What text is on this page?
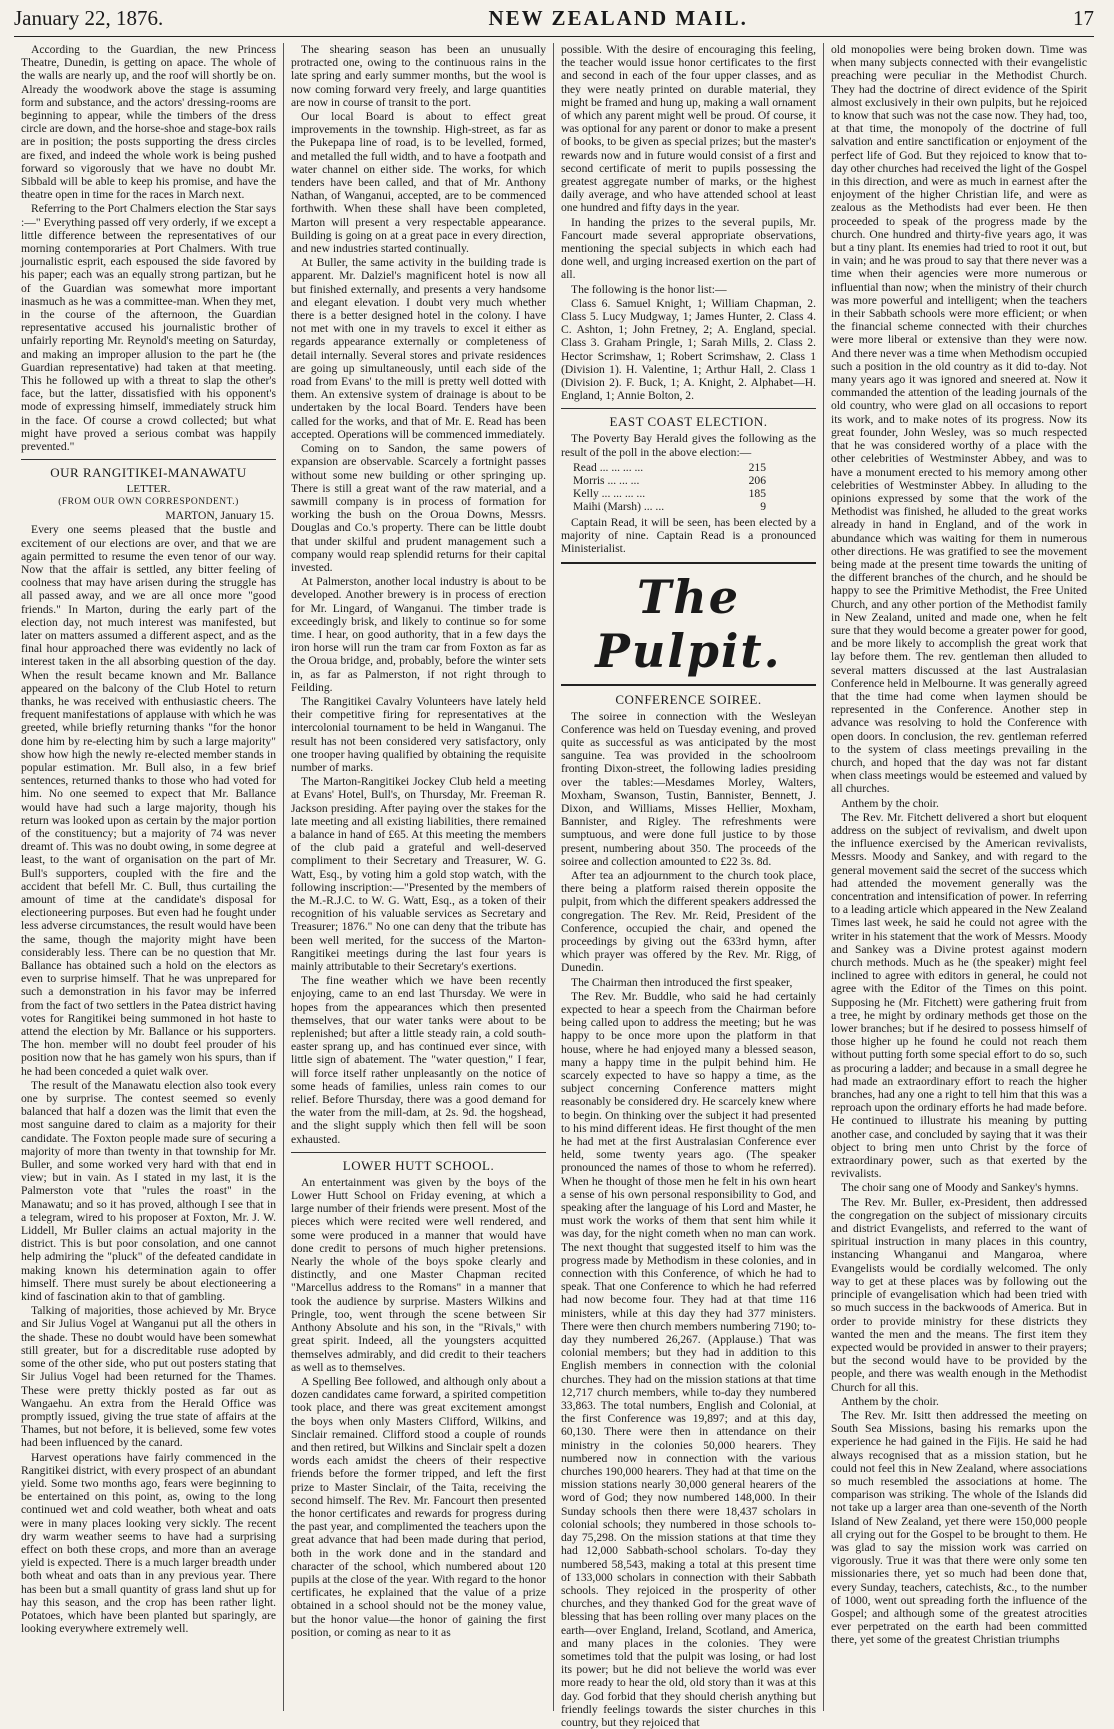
January 22, 1876.	NEW ZEALAND MAIL.	17

According to the Guardian, the new Princess Theatre, Dunedin, is getting on apace. The whole of the walls are nearly up, and the roof will shortly be on. Already the woodwork above the stage is assuming form and substance, and the actors' dressing-rooms are beginning to appear, while the timbers of the dress circle are down, and the horse-shoe and stage-box rails are in position; the posts supporting the dress circles are fixed, and indeed the whole work is being pushed forward so vigorously that we have no doubt Mr. Sibbald will be able to keep his promise, and have the theatre open in time for the races in March next.

Referring to the Port Chalmers election the Star says :—" Everything passed off very orderly, if we except a little difference between the representatives of our morning contemporaries at Port Chalmers. With true journalistic esprit, each espoused the side favored by his paper; each was an equally strong partizan, but he of the Guardian was somewhat more important inasmuch as he was a committee-man. When they met, in the course of the afternoon, the Guardian representative accused his journalistic brother of unfairly reporting Mr. Reynold's meeting on Saturday, and making an improper allusion to the part he (the Guardian representative) had taken at that meeting. This he followed up with a threat to slap the other's face, but the latter, dissatisfied with his opponent's mode of expressing himself, immediately struck him in the face. Of course a crowd collected; but what might have proved a serious combat was happily prevented."

OUR RANGITIKEI-MANAWATU
LETTER.
(FROM OUR OWN CORRESPONDENT.)
MARTON, January 15.

Every one seems pleased that the bustle and excitement of our elections are over, and that we are again permitted to resume the even tenor of our way. Now that the affair is settled, any bitter feeling of coolness that may have arisen during the struggle has all passed away, and we are all once more "good friends." In Marton, during the early part of the election day, not much interest was manifested, but later on matters assumed a different aspect, and as the final hour approached there was evidently no lack of interest taken in the all absorbing question of the day. When the result became known and Mr. Ballance appeared on the balcony of the Club Hotel to return thanks, he was received with enthusiastic cheers. The frequent manifestations of applause with which he was greeted, while briefly returning thanks "for the honor done him by re-electing him by such a large majority" show how high the newly re-elected member stands in popular estimation. Mr. Bull also, in a few brief sentences, returned thanks to those who had voted for him. No one seemed to expect that Mr. Ballance would have had such a large majority, though his return was looked upon as certain by the major portion of the constituency; but a majority of 74 was never dreamt of. This was no doubt owing, in some degree at least, to the want of organisation on the part of Mr. Bull's supporters, coupled with the fire and the accident that befell Mr. C. Bull, thus curtailing the amount of time at the candidate's disposal for electioneering purposes. But even had he fought under less adverse circumstances, the result would have been the same, though the majority might have been considerably less. There can be no question that Mr. Ballance has obtained such a hold on the electors as even to surprise himself. That he was unprepared for such a demonstration in his favor may be inferred from the fact of two settlers in the Patea district having votes for Rangitikei being summoned in hot haste to attend the election by Mr. Ballance or his supporters. The hon. member will no doubt feel prouder of his position now that he has gamely won his spurs, than if he had been conceded a quiet walk over.

The result of the Manawatu election also took every one by surprise. The contest seemed so evenly balanced that half a dozen was the limit that even the most sanguine dared to claim as a majority for their candidate. The Foxton people made sure of securing a majority of more than twenty in that township for Mr. Buller, and some worked very hard with that end in view; but in vain. As I stated in my last, it is the Palmerston vote that "rules the roast" in the Manawatu; and so it has proved, although I see that in a telegram, wired to his proposer at Foxton, Mr. J. W. Liddell, Mr Buller claims an actual majority in the district. This is but poor consolation, and one cannot help admiring the "pluck" of the defeated candidate in making known his determination again to offer himself. There must surely be about electioneering a kind of fascination akin to that of gambling.

Talking of majorities, those achieved by Mr. Bryce and Sir Julius Vogel at Wanganui put all the others in the shade. These no doubt would have been somewhat still greater, but for a discreditable ruse adopted by some of the other side, who put out posters stating that Sir Julius Vogel had been returned for the Thames. These were pretty thickly posted as far out as Wangaehu. An extra from the Herald Office was promptly issued, giving the true state of affairs at the Thames, but not before, it is believed, some few votes had been influenced by the canard.

Harvest operations have fairly commenced in the Rangitikei district, with every prospect of an abundant yield. Some two months ago, fears were beginning to be entertained on this point, as, owing to the long continued wet and cold weather, both wheat and oats were in many places looking very sickly. The recent dry warm weather seems to have had a surprising effect on both these crops, and more than an average yield is expected. There is a much larger breadth under both wheat and oats than in any previous year. There has been but a small quantity of grass land shut up for hay this season, and the crop has been rather light. Potatoes, which have been planted but sparingly, are looking everywhere extremely well.

The shearing season has been an unusually protracted one, owing to the continuous rains in the late spring and early summer months, but the wool is now coming forward very freely, and large quantities are now in course of transit to the port.

Our local Board is about to effect great improvements in the township. High-street, as far as the Pukepapa line of road, is to be levelled, formed, and metalled the full width, and to have a footpath and water channel on either side. The works, for which tenders have been called, and that of Mr. Anthony Nathan, of Wanganui, accepted, are to be commenced forthwith. When these shall have been completed, Marton will present a very respectable appearance. Building is going on at a great pace in every direction, and new industries started continually.

At Buller, the same activity in the building trade is apparent. Mr. Dalziel's magnificent hotel is now all but finished externally, and presents a very handsome and elegant elevation. I doubt very much whether there is a better designed hotel in the colony. I have not met with one in my travels to excel it either as regards appearance externally or completeness of detail internally. Several stores and private residences are going up simultaneously, until each side of the road from Evans' to the mill is pretty well dotted with them. An extensive system of drainage is about to be undertaken by the local Board. Tenders have been called for the works, and that of Mr. E. Read has been accepted. Operations will be commenced immediately.

Coming on to Sandon, the same powers of expansion are observable. Scarcely a fortnight passes without some new building or other springing up. There is still a great want of the raw material, and a sawmill company is in process of formation for working the bush on the Oroua Downs, Messrs. Douglas and Co.'s property. There can be little doubt that under skilful and prudent management such a company would reap splendid returns for their capital invested.

At Palmerston, another local industry is about to be developed. Another brewery is in process of erection for Mr. Lingard, of Wanganui. The timber trade is exceedingly brisk, and likely to continue so for some time. I hear, on good authority, that in a few days the iron horse will run the tram car from Foxton as far as the Oroua bridge, and, probably, before the winter sets in, as far as Palmerston, if not right through to Feilding.

The Rangitikei Cavalry Volunteers have lately held their competitive firing for representatives at the intercolonial tournament to be held in Wanganui. The result has not been considered very satisfactory, only one trooper having qualified by obtaining the requisite number of marks.

The Marton-Rangitikei Jockey Club held a meeting at Evans' Hotel, Bull's, on Thursday, Mr. Freeman R. Jackson presiding. After paying over the stakes for the late meeting and all existing liabilities, there remained a balance in hand of £65. At this meeting the members of the club paid a grateful and well-deserved compliment to their Secretary and Treasurer, W. G. Watt, Esq., by voting him a gold stop watch, with the following inscription:—"Presented by the members of the M.-R.J.C. to W. G. Watt, Esq., as a token of their recognition of his valuable services as Secretary and Treasurer; 1876." No one can deny that the tribute has been well merited, for the success of the Marton-Rangitikei meetings during the last four years is mainly attributable to their Secretary's exertions.

The fine weather which we have been recently enjoying, came to an end last Thursday. We were in hopes from the appearances which then presented themselves, that our water tanks were about to be replenished; but after a little steady rain, a cold south-easter sprang up, and has continued ever since, with little sign of abatement. The "water question," I fear, will force itself rather unpleasantly on the notice of some heads of families, unless rain comes to our relief. Before Thursday, there was a good demand for the water from the mill-dam, at 2s. 9d. the hogshead, and the slight supply which then fell will be soon exhausted.

LOWER HUTT SCHOOL.

An entertainment was given by the boys of the Lower Hutt School on Friday evening, at which a large number of their friends were present. Most of the pieces which were recited were well rendered, and some were produced in a manner that would have done credit to persons of much higher pretensions. Nearly the whole of the boys spoke clearly and distinctly, and one Master Chapman recited "Marcellus address to the Romans" in a manner that took the audience by surprise. Masters Wilkins and Pringle, too, went through the scene between Sir Anthony Absolute and his son, in the "Rivals," with great spirit. Indeed, all the youngsters acquitted themselves admirably, and did credit to their teachers as well as to themselves.

A Spelling Bee followed, and although only about a dozen candidates came forward, a spirited competition took place, and there was great excitement amongst the boys when only Masters Clifford, Wilkins, and Sinclair remained. Clifford stood a couple of rounds and then retired, but Wilkins and Sinclair spelt a dozen words each amidst the cheers of their respective friends before the former tripped, and left the first prize to Master Sinclair, of the Taita, receiving the second himself. The Rev. Mr. Fancourt then presented the honor certificates and rewards for progress during the past year, and complimented the teachers upon the great advance that had been made during that period, both in the work done and in the standard and character of the school, which numbered about 120 pupils at the close of the year. With regard to the honor certificates, he explained that the value of a prize obtained in a school should not be the money value, but the honor value—the honor of gaining the first position, or coming as near to it as

possible. With the desire of encouraging this feeling, the teacher would issue honor certificates to the first and second in each of the four upper classes, and as they were neatly printed on durable material, they might be framed and hung up, making a wall ornament of which any parent might well be proud. Of course, it was optional for any parent or donor to make a present of books, to be given as special prizes; but the master's rewards now and in future would consist of a first and second certificate of merit to pupils possessing the greatest aggregate number of marks, or the highest daily average, and who have attended school at least one hundred and fifty days in the year.

In handing the prizes to the several pupils, Mr. Fancourt made several appropriate observations, mentioning the special subjects in which each had done well, and urging increased exertion on the part of all.

The following is the honor list:—

Class 6. Samuel Knight, 1; William Chapman, 2. Class 5. Lucy Mudgway, 1; James Hunter, 2. Class 4. C. Ashton, 1; John Fretney, 2; A. England, special. Class 3. Graham Pringle, 1; Sarah Mills, 2. Class 2. Hector Scrimshaw, 1; Robert Scrimshaw, 2. Class 1 (Division 1). H. Valentine, 1; Arthur Hall, 2. Class 1 (Division 2). F. Buck, 1; A. Knight, 2. Alphabet—H. England, 1; Annie Bolton, 2.

EAST COAST ELECTION.

The Poverty Bay Herald gives the following as the result of the poll in the above election:—

Read ... ... ... ...	215
Morris ... ... ...	206
Kelly ... ... ... ...	185
Maihi (Marsh) ... ...	9

Captain Read, it will be seen, has been elected by a majority of nine. Captain Read is a pronounced Ministerialist.

The Pulpit.
CONFERENCE SOIREE.

The soiree in connection with the Wesleyan Conference was held on Tuesday evening, and proved quite as successful as was anticipated by the most sanguine. Tea was provided in the schoolroom fronting Dixon-street, the following ladies presiding over the tables:—Mesdames Morley, Walters, Moxham, Swanson, Tustin, Bannister, Bennett, J. Dixon, and Williams, Misses Hellier, Moxham, Bannister, and Rigley. The refreshments were sumptuous, and were done full justice to by those present, numbering about 350. The proceeds of the soiree and collection amounted to £22 3s. 8d.

After tea an adjournment to the church took place, there being a platform raised therein opposite the pulpit, from which the different speakers addressed the congregation. The Rev. Mr. Reid, President of the Conference, occupied the chair, and opened the proceedings by giving out the 633rd hymn, after which prayer was offered by the Rev. Mr. Rigg, of Dunedin.

The Chairman then introduced the first speaker,

The Rev. Mr. Buddle, who said he had certainly expected to hear a speech from the Chairman before being called upon to address the meeting; but he was happy to be once more upon the platform in that house, where he had enjoyed many a blessed season, many a happy time in the pulpit behind him. He scarcely expected to have so happy a time, as the subject concerning Conference matters might reasonably be considered dry. He scarcely knew where to begin. On thinking over the subject it had presented to his mind different ideas. He first thought of the men he had met at the first Australasian Conference ever held, some twenty years ago. (The speaker pronounced the names of those to whom he referred). When he thought of those men he felt in his own heart a sense of his own personal responsibility to God, and speaking after the language of his Lord and Master, he must work the works of them that sent him while it was day, for the night cometh when no man can work. The next thought that suggested itself to him was the progress made by Methodism in these colonies, and in connection with this Conference, of which he had to speak. That one Conference to which he had referred had now become four. They had at that time 116 ministers, while at this day they had 377 ministers. There were then church members numbering 7190; to-day they numbered 26,267. (Applause.) That was colonial members; but they had in addition to this English members in connection with the colonial churches. They had on the mission stations at that time 12,717 church members, while to-day they numbered 33,863. The total numbers, English and Colonial, at the first Conference was 19,897; and at this day, 60,130. There were then in attendance on their ministry in the colonies 50,000 hearers. They numbered now in connection with the various churches 190,000 hearers. They had at that time on the mission stations nearly 30,000 general hearers of the word of God; they now numbered 148,000. In their Sunday schools then there were 18,437 scholars in colonial schools; they numbered in those schools to-day 75,298. On the mission stations at that time they had 12,000 Sabbath-school scholars. To-day they numbered 58,543, making a total at this present time of 133,000 scholars in connection with their Sabbath schools. They rejoiced in the prosperity of other churches, and they thanked God for the great wave of blessing that has been rolling over many places on the earth—over England, Ireland, Scotland, and America, and many places in the colonies. They were sometimes told that the pulpit was losing, or had lost its power; but he did not believe the world was ever more ready to hear the old, old story than it was at this day. God forbid that they should cherish anything but friendly feelings towards the sister churches in this country, but they rejoiced that

old monopolies were being broken down. Time was when many subjects connected with their evangelistic preaching were peculiar in the Methodist Church. They had the doctrine of direct evidence of the Spirit almost exclusively in their own pulpits, but he rejoiced to know that such was not the case now. They had, too, at that time, the monopoly of the doctrine of full salvation and entire sanctification or enjoyment of the perfect life of God. But they rejoiced to know that to-day other churches had received the light of the Gospel in this direction, and were as much in earnest after the enjoyment of the higher Christian life, and were as zealous as the Methodists had ever been. He then proceeded to speak of the progress made by the church. One hundred and thirty-five years ago, it was but a tiny plant. Its enemies had tried to root it out, but in vain; and he was proud to say that there never was a time when their agencies were more numerous or influential than now; when the ministry of their church was more powerful and intelligent; when the teachers in their Sabbath schools were more efficient; or when the financial scheme connected with their churches were more liberal or extensive than they were now. And there never was a time when Methodism occupied such a position in the old country as it did to-day. Not many years ago it was ignored and sneered at. Now it commanded the attention of the leading journals of the old country, who were glad on all occasions to report its work, and to make notes of its progress. Now its great founder, John Wesley, was so much respected that he was considered worthy of a place with the other celebrities of Westminster Abbey, and was to have a monument erected to his memory among other celebrities of Westminster Abbey. In alluding to the opinions expressed by some that the work of the Methodist was finished, he alluded to the great works already in hand in England, and of the work in abundance which was waiting for them in numerous other directions. He was gratified to see the movement being made at the present time towards the uniting of the different branches of the church, and he should be happy to see the Primitive Methodist, the Free United Church, and any other portion of the Methodist family in New Zealand, united and made one, when he felt sure that they would become a greater power for good, and be more likely to accomplish the great work that lay before them. The rev. gentleman then alluded to several matters discussed at the last Australasian Conference held in Melbourne. It was generally agreed that the time had come when laymen should be represented in the Conference. Another step in advance was resolving to hold the Conference with open doors. In conclusion, the rev. gentleman referred to the system of class meetings prevailing in the church, and hoped that the day was not far distant when class meetings would be esteemed and valued by all churches.

Anthem by the choir.

The Rev. Mr. Fitchett delivered a short but eloquent address on the subject of revivalism, and dwelt upon the influence exercised by the American revivalists, Messrs. Moody and Sankey, and with regard to the general movement said the secret of the success which had attended the movement generally was the concentration and intensification of power. In referring to a leading article which appeared in the New Zealand Times last week, he said he could not agree with the writer in his statement that the work of Messrs. Moody and Sankey was a Divine protest against modern church methods. Much as he (the speaker) might feel inclined to agree with editors in general, he could not agree with the Editor of the Times on this point. Supposing he (Mr. Fitchett) were gathering fruit from a tree, he might by ordinary methods get those on the lower branches; but if he desired to possess himself of those higher up he found he could not reach them without putting forth some special effort to do so, such as procuring a ladder; and because in a small degree he had made an extraordinary effort to reach the higher branches, had any one a right to tell him that this was a reproach upon the ordinary efforts he had made before. He continued to illustrate his meaning by putting another case, and concluded by saying that it was their object to bring men unto Christ by the force of extraordinary power, such as that exerted by the revivalists.

The choir sang one of Moody and Sankey's hymns.

The Rev. Mr. Buller, ex-President, then addressed the congregation on the subject of missionary circuits and district Evangelists, and referred to the want of spiritual instruction in many places in this country, instancing Whanganui and Mangaroa, where Evangelists would be cordially welcomed. The only way to get at these places was by following out the principle of evangelisation which had been tried with so much success in the backwoods of America. But in order to provide ministry for these districts they wanted the men and the means. The first item they expected would be provided in answer to their prayers; but the second would have to be provided by the people, and there was wealth enough in the Methodist Church for all this.

Anthem by the choir.

The Rev. Mr. Isitt then addressed the meeting on South Sea Missions, basing his remarks upon the experience he had gained in the Fijis. He said he had always recognised that as a mission station, but he could not feel this in New Zealand, where associations so much resembled the associations at home. The comparison was striking. The whole of the Islands did not take up a larger area than one-seventh of the North Island of New Zealand, yet there were 150,000 people all crying out for the Gospel to be brought to them. He was glad to say the mission work was carried on vigorously. True it was that there were only some ten missionaries there, yet so much had been done that, every Sunday, teachers, catechists, &c., to the number of 1000, went out spreading forth the influence of the Gospel; and although some of the greatest atrocities ever perpetrated on the earth had been committed there, yet some of the greatest Christian triumphs
